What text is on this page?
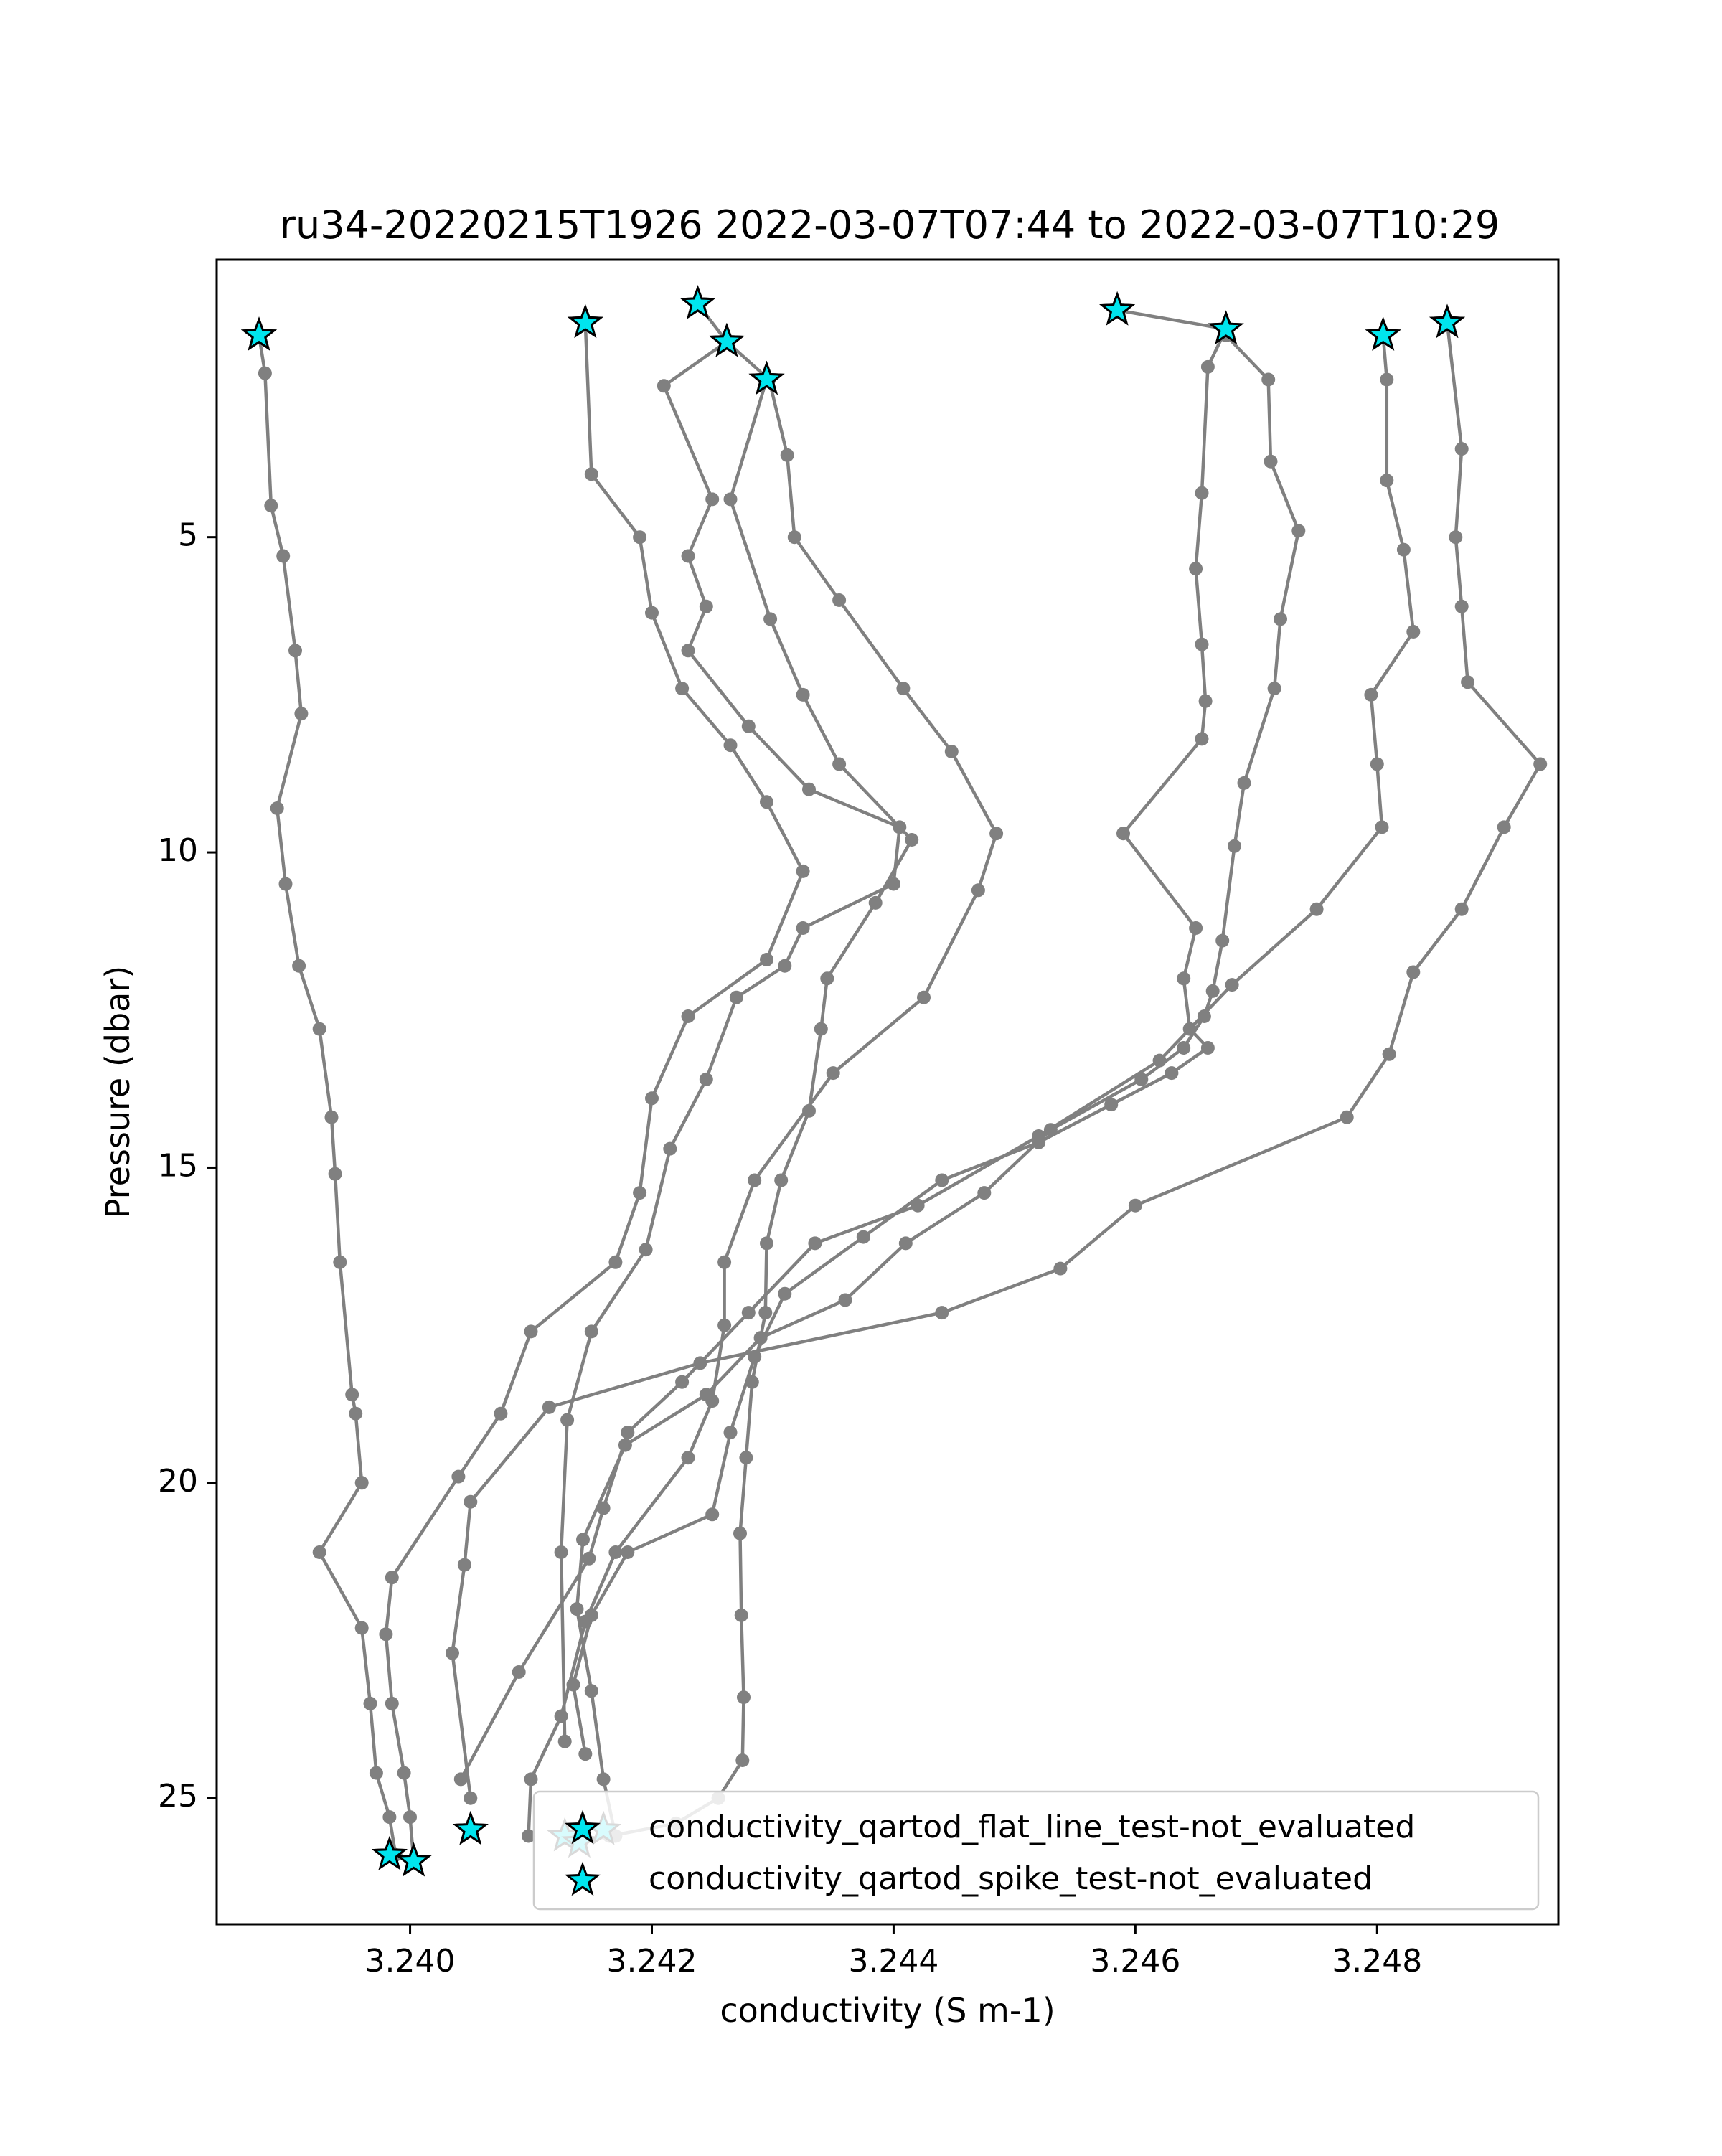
ru34-20220215T1926 2022-03-07T07:44 to 2022-03-07T10:29
3.240	3.242	3.244	3.246	3.248
5
10
15
20
25
conductivity (S m-1)
Pressure (dbar)
conductivity_qartod_flat_line_test-not_evaluated
conductivity_qartod_spike_test-not_evaluated
